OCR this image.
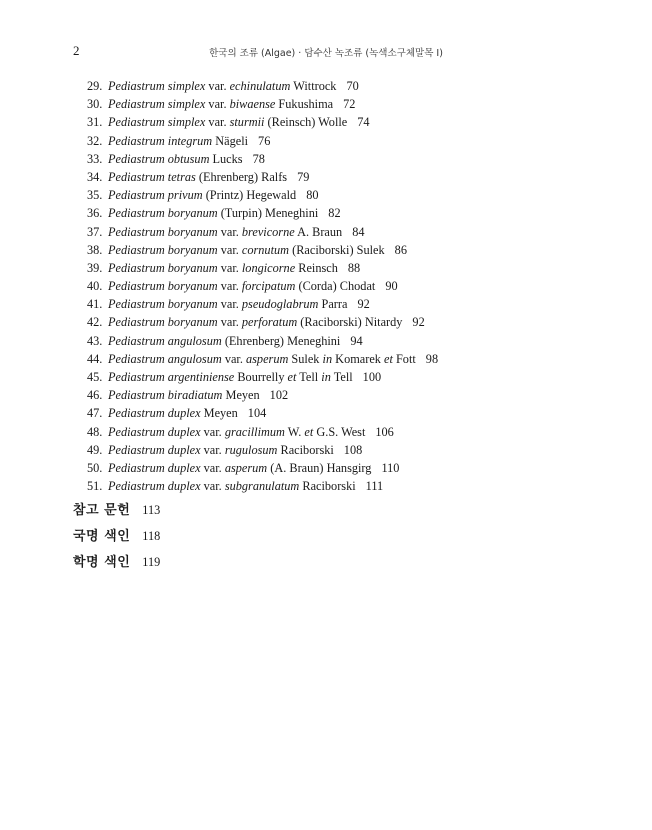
2	한국의 조류 (Algae) · 담수산 녹조류 (녹색소구체말목 I)
29. Pediastrum simplex var. echinulatum Wittrock 70
30. Pediastrum simplex var. biwaense Fukushima 72
31. Pediastrum simplex var. sturmii (Reinsch) Wolle 74
32. Pediastrum integrum Nägeli 76
33. Pediastrum obtusum Lucks 78
34. Pediastrum tetras (Ehrenberg) Ralfs 79
35. Pediastrum privum (Printz) Hegewald 80
36. Pediastrum boryanum (Turpin) Meneghini 82
37. Pediastrum boryanum var. brevicorne A. Braun 84
38. Pediastrum boryanum var. cornutum (Raciborski) Sulek 86
39. Pediastrum boryanum var. longicorne Reinsch 88
40. Pediastrum boryanum var. forcipatum (Corda) Chodat 90
41. Pediastrum boryanum var. pseudoglabrum Parra 92
42. Pediastrum boryanum var. perforatum (Raciborski) Nitardy 92
43. Pediastrum angulosum (Ehrenberg) Meneghini 94
44. Pediastrum angulosum var. asperum Sulek in Komarek et Fott 98
45. Pediastrum argentiniense Bourrelly et Tell in Tell 100
46. Pediastrum biradiatum Meyen 102
47. Pediastrum duplex Meyen 104
48. Pediastrum duplex var. gracillimum W. et G.S. West 106
49. Pediastrum duplex var. rugulosum Raciborski 108
50. Pediastrum duplex var. asperum (A. Braun) Hansgirg 110
51. Pediastrum duplex var. subgranulatum Raciborski 111
참고 문헌 113
국명 색인 118
학명 색인 119
